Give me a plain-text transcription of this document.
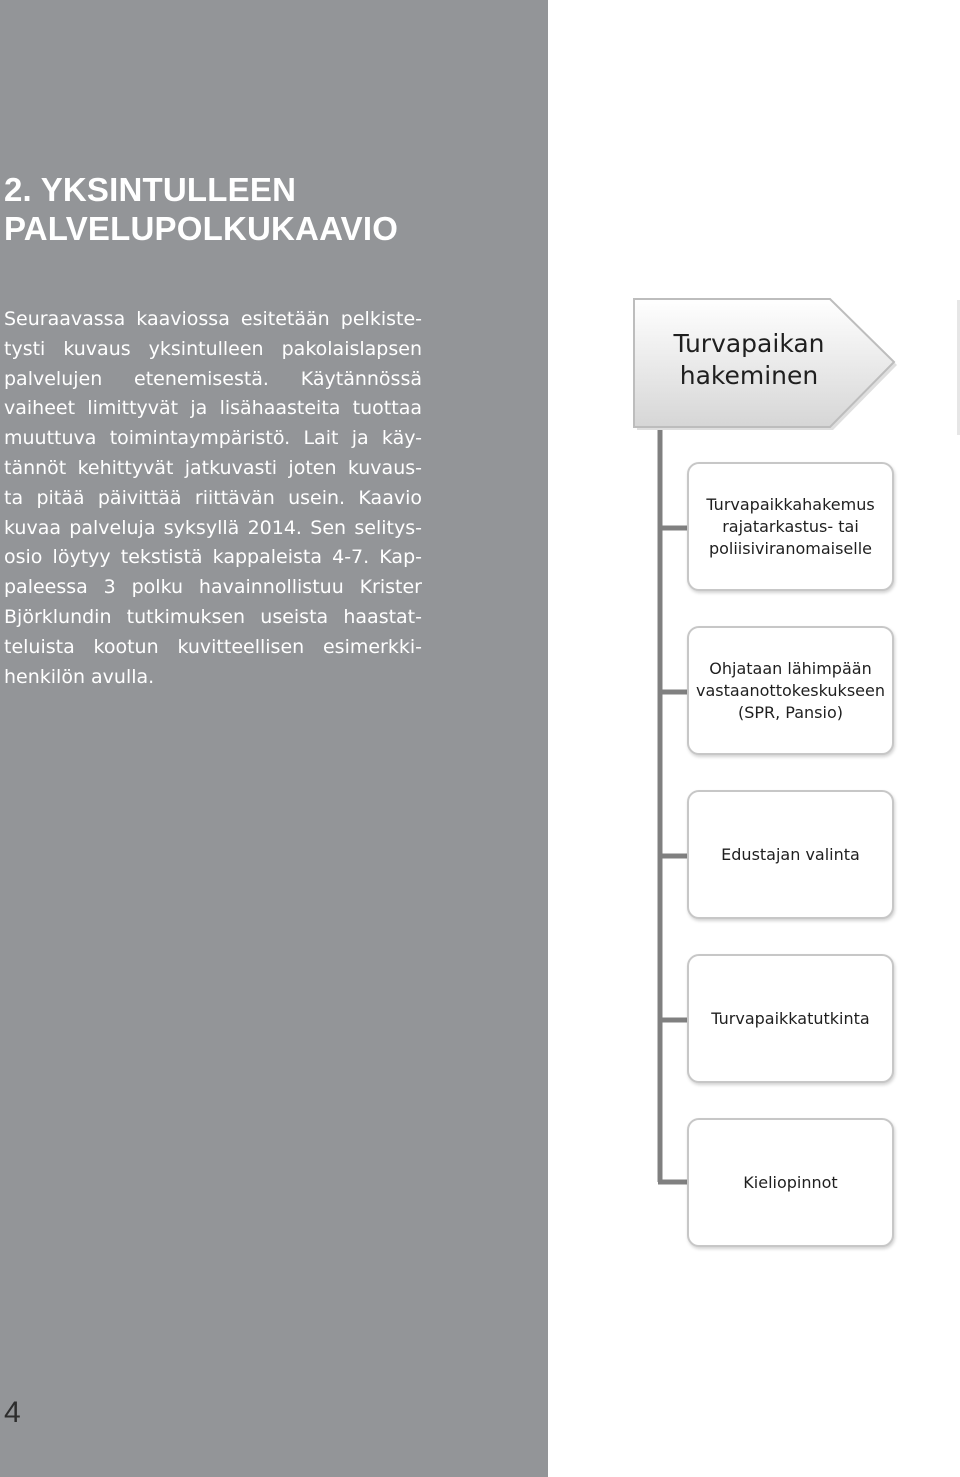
2. YKSINTULLEEN
PALVELUPOLKUKAAVIO

Seuraavassa kaaviossa esitetään pelkiste-
tysti kuvaus yksintulleen pakolaislapsen
palvelujen etenemisestä. Käytännössä
vaiheet limittyvät ja lisähaasteita tuottaa
muuttuva toimintaympäristö. Lait ja käy-
tännöt kehittyvät jatkuvasti joten kuvaus-
ta pitää päivittää riittävän usein. Kaavio
kuvaa palveluja syksyllä 2014. Sen selitys-
osio löytyy tekstistä kappaleista 4-7. Kap-
paleessa 3 polku havainnollistuu Krister
Björklundin tutkimuksen useista haastat-
teluista kootun kuvitteellisen esimerkki-
henkilön avulla.

4
Turvapaikan
hakeminen
Turvapaikkahakemus
rajatarkastus- tai
poliisiviranomaiselle
Ohjataan lähimpään
vastaanottokeskukseen
(SPR, Pansio)
Edustajan valinta
Turvapaikkatutkinta
Kieliopinnot
